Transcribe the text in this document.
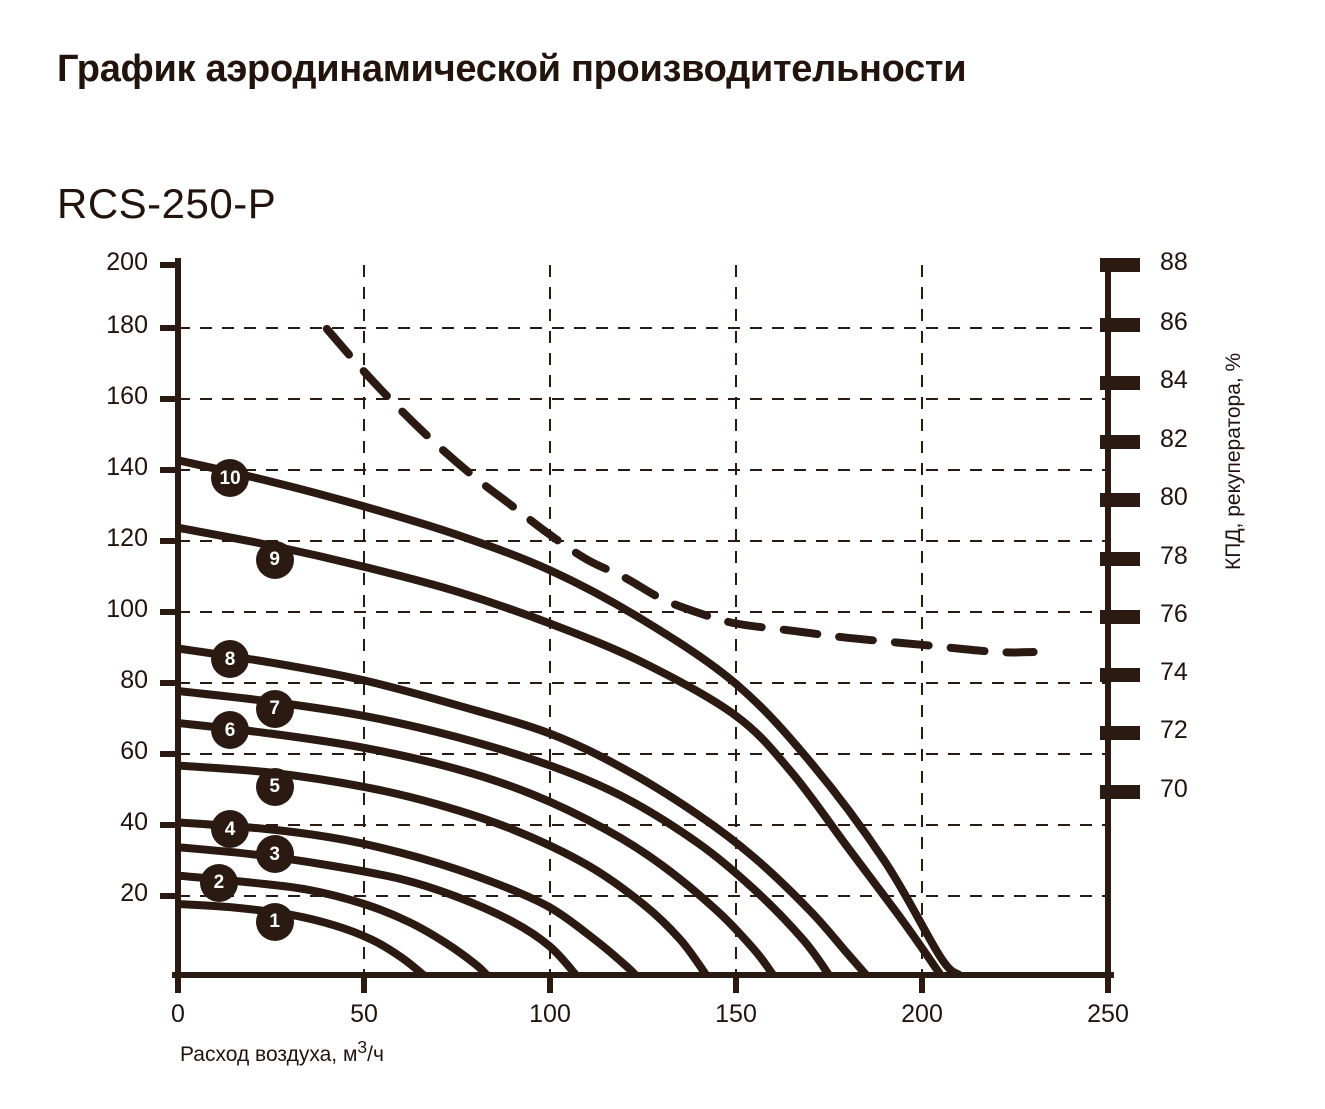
График аэродинамической производительности
RCS-250-P
200
180
160
140
120
100
80
60
40
20
0	50	100	150	200	250
88
86
84
82
80
78
76
74
72
70
Расход воздуха, $м^3/ч$
КПД, рекуператора, %
10
9
8
7
6
5
4
3
2
1
